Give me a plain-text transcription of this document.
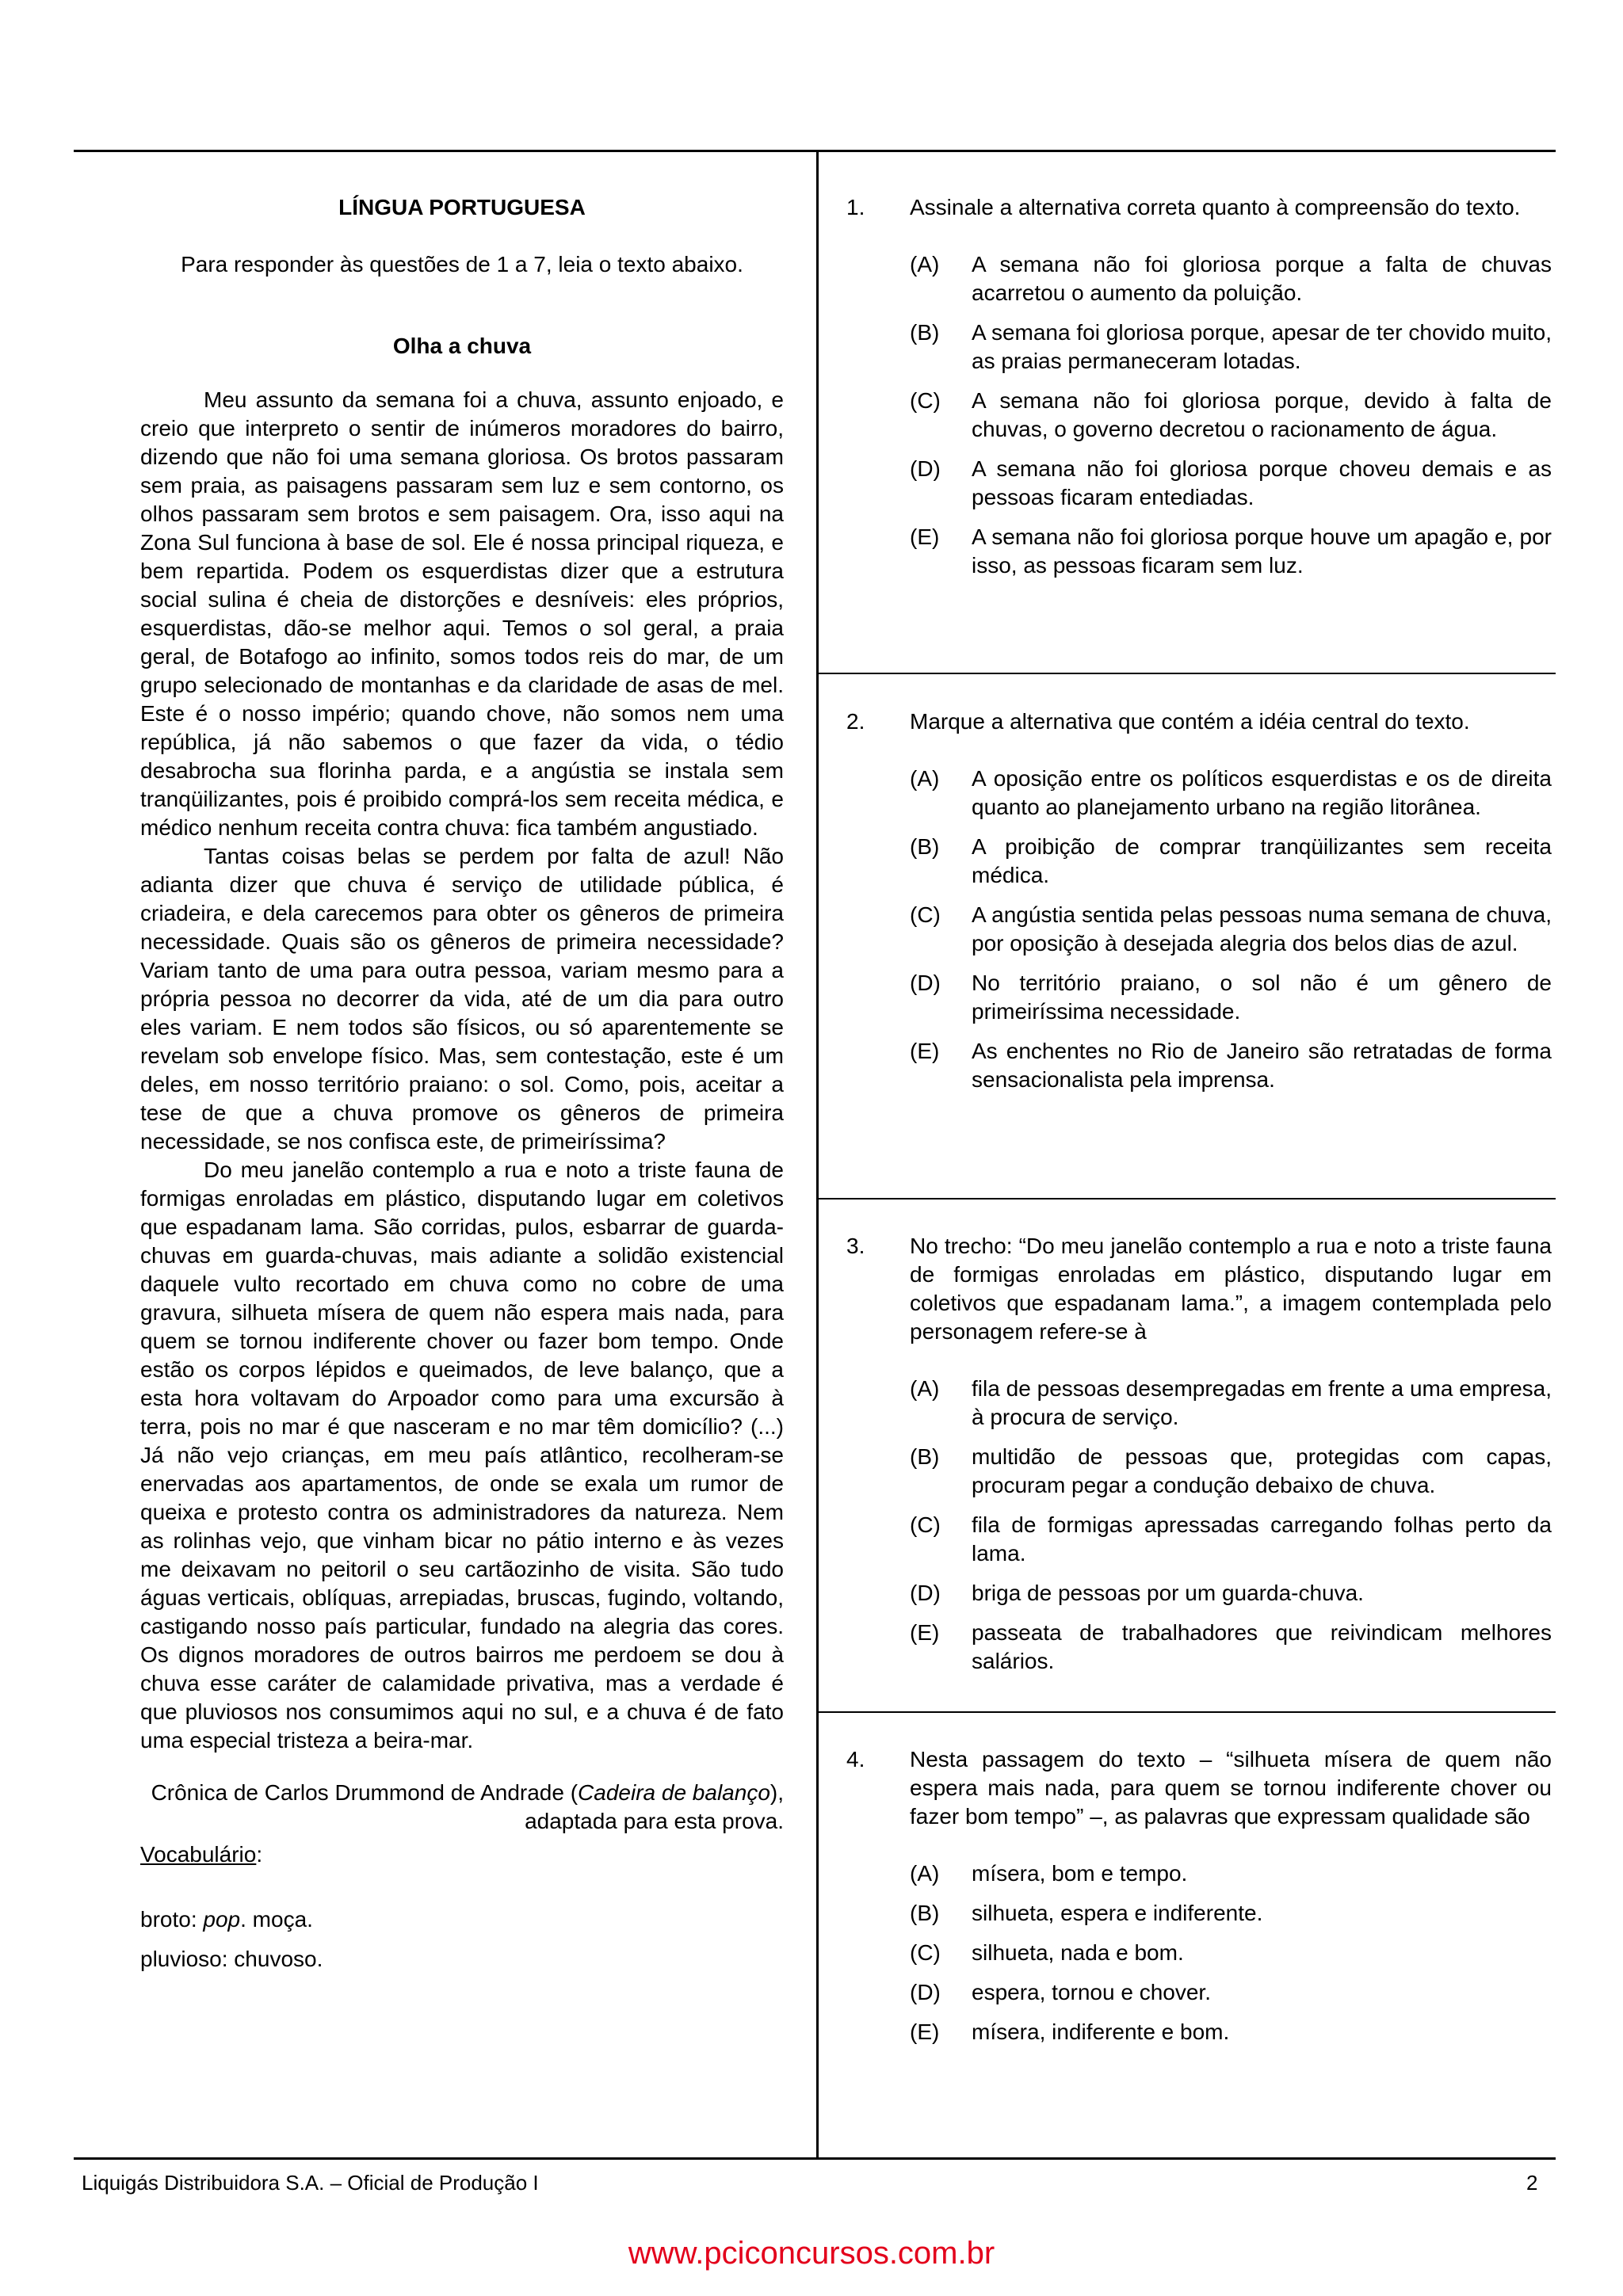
LÍNGUA PORTUGUESA

Para responder às questões de 1 a 7, leia o texto abaixo.

Olha a chuva

Meu assunto da semana foi a chuva, assunto enjoado, e creio que interpreto o sentir de inúmeros moradores do bairro, dizendo que não foi uma semana gloriosa. Os brotos passaram sem praia, as paisagens passaram sem luz e sem contorno, os olhos passaram sem brotos e sem paisagem. Ora, isso aqui na Zona Sul funciona à base de sol. Ele é nossa principal riqueza, e bem repartida. Podem os esquerdistas dizer que a estrutura social sulina é cheia de distorções e desníveis: eles próprios, esquerdistas, dão-se melhor aqui. Temos o sol geral, a praia geral, de Botafogo ao infinito, somos todos reis do mar, de um grupo selecionado de montanhas e da claridade de asas de mel. Este é o nosso império; quando chove, não somos nem uma república, já não sabemos o que fazer da vida, o tédio desabrocha sua florinha parda, e a angústia se instala sem tranqüilizantes, pois é proibido comprá-los sem receita médica, e médico nenhum receita contra chuva: fica também angustiado.

Tantas coisas belas se perdem por falta de azul! Não adianta dizer que chuva é serviço de utilidade pública, é criadeira, e dela carecemos para obter os gêneros de primeira necessidade. Quais são os gêneros de primeira necessidade? Variam tanto de uma para outra pessoa, variam mesmo para a própria pessoa no decorrer da vida, até de um dia para outro eles variam. E nem todos são físicos, ou só aparentemente se revelam sob envelope físico. Mas, sem contestação, este é um deles, em nosso território praiano: o sol. Como, pois, aceitar a tese de que a chuva promove os gêneros de primeira necessidade, se nos confisca este, de primeiríssima?

Do meu janelão contemplo a rua e noto a triste fauna de formigas enroladas em plástico, disputando lugar em coletivos que espadanam lama. São corridas, pulos, esbarrar de guarda-chuvas em guarda-chuvas, mais adiante a solidão existencial daquele vulto recortado em chuva como no cobre de uma gravura, silhueta mísera de quem não espera mais nada, para quem se tornou indiferente chover ou fazer bom tempo. Onde estão os corpos lépidos e queimados, de leve balanço, que a esta hora voltavam do Arpoador como para uma excursão à terra, pois no mar é que nasceram e no mar têm domicílio? (...) Já não vejo crianças, em meu país atlântico, recolheram-se enervadas aos apartamentos, de onde se exala um rumor de queixa e protesto contra os administradores da natureza. Nem as rolinhas vejo, que vinham bicar no pátio interno e às vezes me deixavam no peitoril o seu cartãozinho de visita. São tudo águas verticais, oblíquas, arrepiadas, bruscas, fugindo, voltando, castigando nosso país particular, fundado na alegria das cores. Os dignos moradores de outros bairros me perdoem se dou à chuva esse caráter de calamidade privativa, mas a verdade é que pluviosos nos consumimos aqui no sul, e a chuva é de fato uma especial tristeza a beira-mar.

Crônica de Carlos Drummond de Andrade (Cadeira de balanço),
adaptada para esta prova.
Vocabulário:
broto: pop. moça.
pluvioso: chuvoso.
1.	Assinale a alternativa correta quanto à compreensão do texto.
(A)	A semana não foi gloriosa porque a falta de chuvas acarretou o aumento da poluição.
(B)	A semana foi gloriosa porque, apesar de ter chovido muito, as praias permaneceram lotadas.
(C)	A semana não foi gloriosa porque, devido à falta de chuvas, o governo decretou o racionamento de água.
(D)	A semana não foi gloriosa porque choveu demais e as pessoas ficaram entediadas.
(E)	A semana não foi gloriosa porque houve um apagão e, por isso, as pessoas ficaram sem luz.
2.	Marque a alternativa que contém a idéia central do texto.
(A)	A oposição entre os políticos esquerdistas e os de direita quanto ao planejamento urbano na região litorânea.
(B)	A proibição de comprar tranqüilizantes sem receita médica.
(C)	A angústia sentida pelas pessoas numa semana de chuva, por oposição à desejada alegria dos belos dias de azul.
(D)	No território praiano, o sol não é um gênero de primeiríssima necessidade.
(E)	As enchentes no Rio de Janeiro são retratadas de forma sensacionalista pela imprensa.
3.	No trecho: “Do meu janelão contemplo a rua e noto a triste fauna de formigas enroladas em plástico, disputando lugar em coletivos que espadanam lama.”, a imagem contemplada pelo personagem refere-se à
(A)	fila de pessoas desempregadas em frente a uma empresa, à procura de serviço.
(B)	multidão de pessoas que, protegidas com capas, procuram pegar a condução debaixo de chuva.
(C)	fila de formigas apressadas carregando folhas perto da lama.
(D)	briga de pessoas por um guarda-chuva.
(E)	passeata de trabalhadores que reivindicam melhores salários.
4.	Nesta passagem do texto – “silhueta mísera de quem não espera mais nada, para quem se tornou indiferente chover ou fazer bom tempo” –, as palavras que expressam qualidade são
(A)	mísera, bom e tempo.
(B)	silhueta, espera e indiferente.
(C)	silhueta, nada e bom.
(D)	espera, tornou e chover.
(E)	mísera, indiferente e bom.
Liquigás Distribuidora S.A. – Oficial de Produção I	2
www.pciconcursos.com.br
